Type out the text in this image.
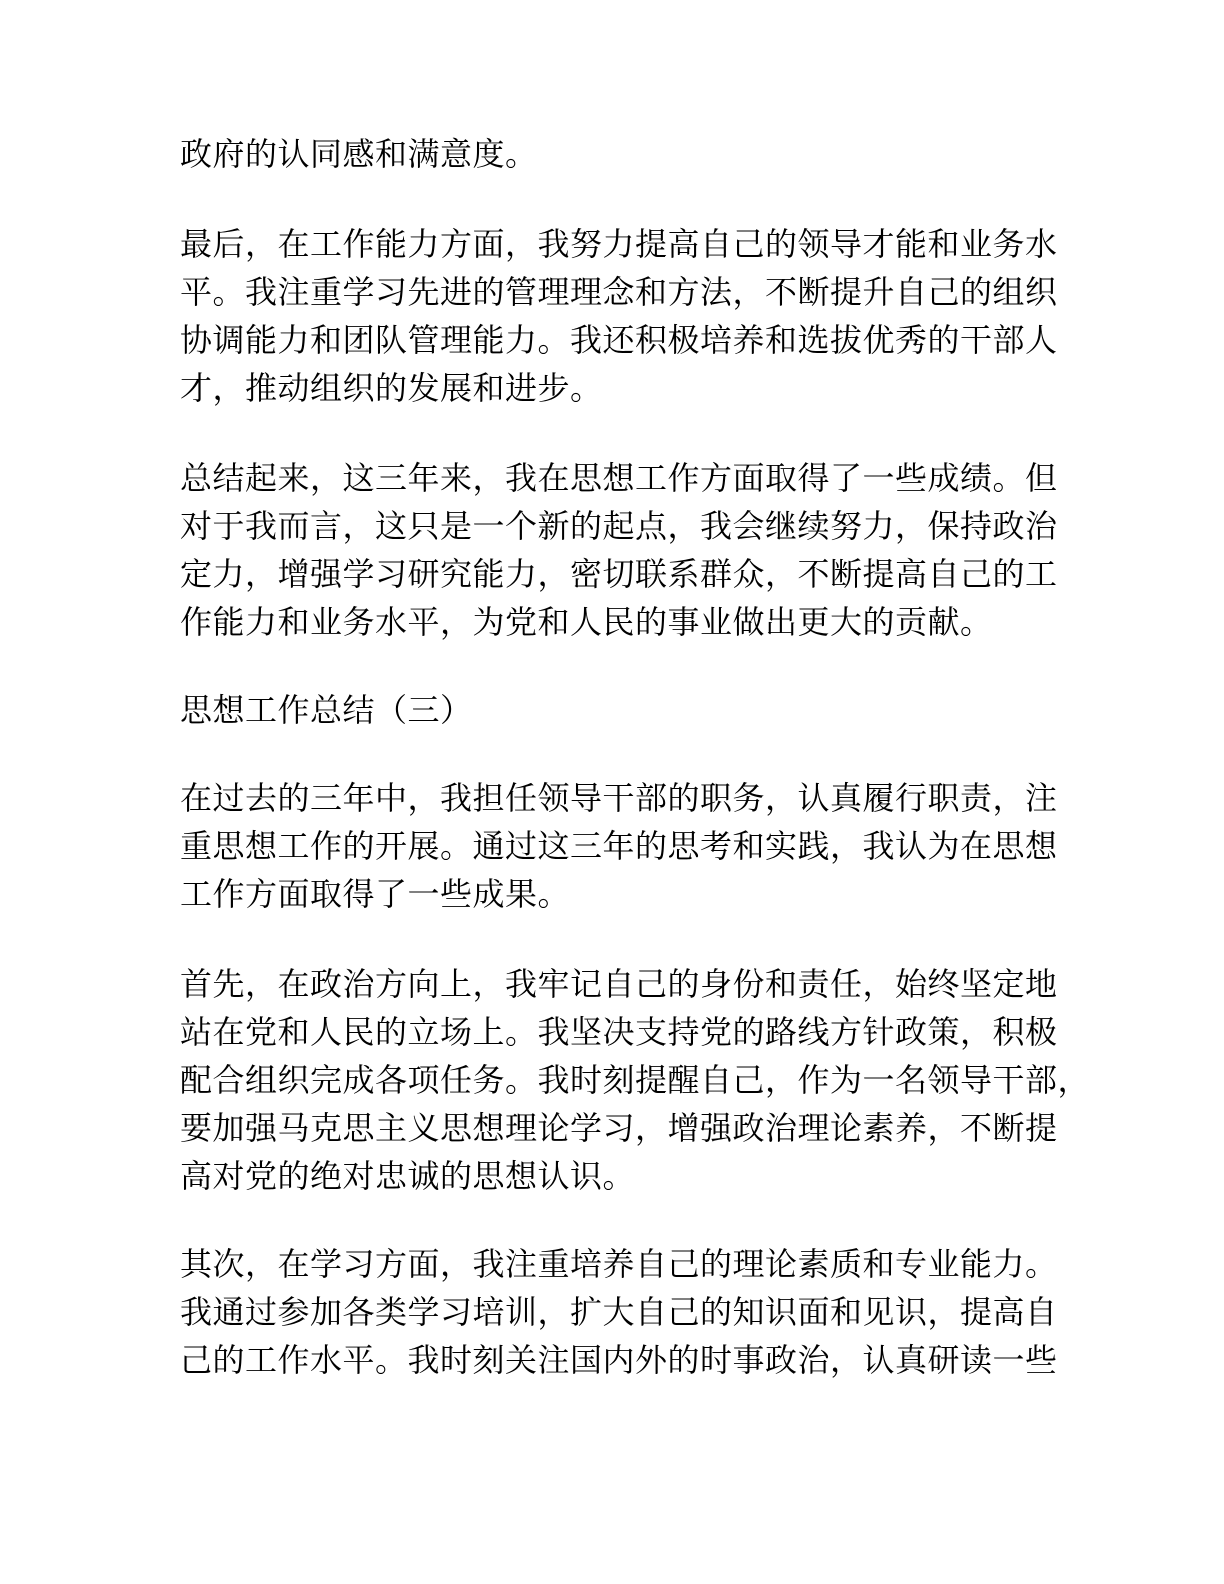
政府的认同感和满意度。
最后，在工作能力方面，我努力提高自己的领导才能和业务水
平。我注重学习先进的管理理念和方法，不断提升自己的组织
协调能力和团队管理能力。我还积极培养和选拔优秀的干部人
才，推动组织的发展和进步。
总结起来，这三年来，我在思想工作方面取得了一些成绩。但
对于我而言，这只是一个新的起点，我会继续努力，保持政治
定力，增强学习研究能力，密切联系群众，不断提高自己的工
作能力和业务水平，为党和人民的事业做出更大的贡献。
思想工作总结（三）
在过去的三年中，我担任领导干部的职务，认真履行职责，注
重思想工作的开展。通过这三年的思考和实践，我认为在思想
工作方面取得了一些成果。
首先，在政治方向上，我牢记自己的身份和责任，始终坚定地
站在党和人民的立场上。我坚决支持党的路线方针政策，积极
配合组织完成各项任务。我时刻提醒自己，作为一名领导干部，
要加强马克思主义思想理论学习，增强政治理论素养，不断提
高对党的绝对忠诚的思想认识。
其次，在学习方面，我注重培养自己的理论素质和专业能力。
我通过参加各类学习培训，扩大自己的知识面和见识，提高自
己的工作水平。我时刻关注国内外的时事政治，认真研读一些
